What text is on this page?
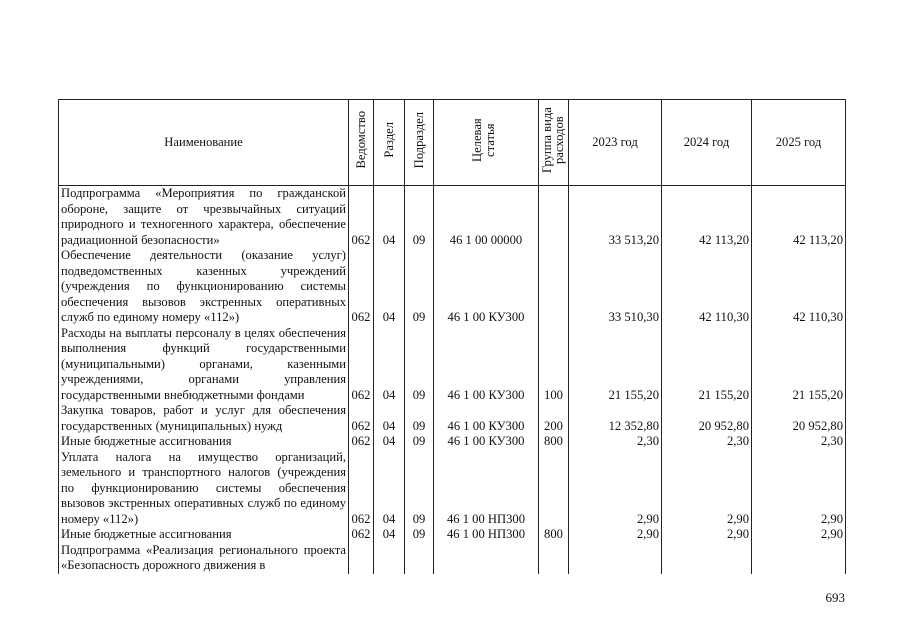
Наименование	Ведомство	Раздел	Подраздел	Целевая статья	Группа вида расходов	2023 год	2024 год	2025 год
Подпрограмма «Мероприятия по гражданской обороне, защите от чрезвычайных ситуаций природного и техногенного характера, обеспечение радиационной безопасности»	062	04	09	46 1 00 00000		33 513,20	42 113,20	42 113,20
Обеспечение деятельности (оказание услуг) подведомственных казенных учреждений (учреждения по функционированию системы обеспечения вызовов экстренных оперативных служб по единому номеру «112»)	062	04	09	46 1 00 КУ300		33 510,30	42 110,30	42 110,30
Расходы на выплаты персоналу в целях обеспечения выполнения функций государственными (муниципальными) органами, казенными учреждениями, органами управления государственными внебюджетными фондами	062	04	09	46 1 00 КУ300	100	21 155,20	21 155,20	21 155,20
Закупка товаров, работ и услуг для обеспечения государственных (муниципальных) нужд	062	04	09	46 1 00 КУ300	200	12 352,80	20 952,80	20 952,80
Иные бюджетные ассигнования	062	04	09	46 1 00 КУ300	800	2,30	2,30	2,30
Уплата налога на имущество организаций, земельного и транспортного налогов (учреждения по функционированию системы обеспечения вызовов экстренных оперативных служб по единому номеру «112»)	062	04	09	46 1 00 НП300		2,90	2,90	2,90
Иные бюджетные ассигнования	062	04	09	46 1 00 НП300	800	2,90	2,90	2,90
Подпрограмма «Реализация регионального проекта «Безопасность дорожного движения в								
693
